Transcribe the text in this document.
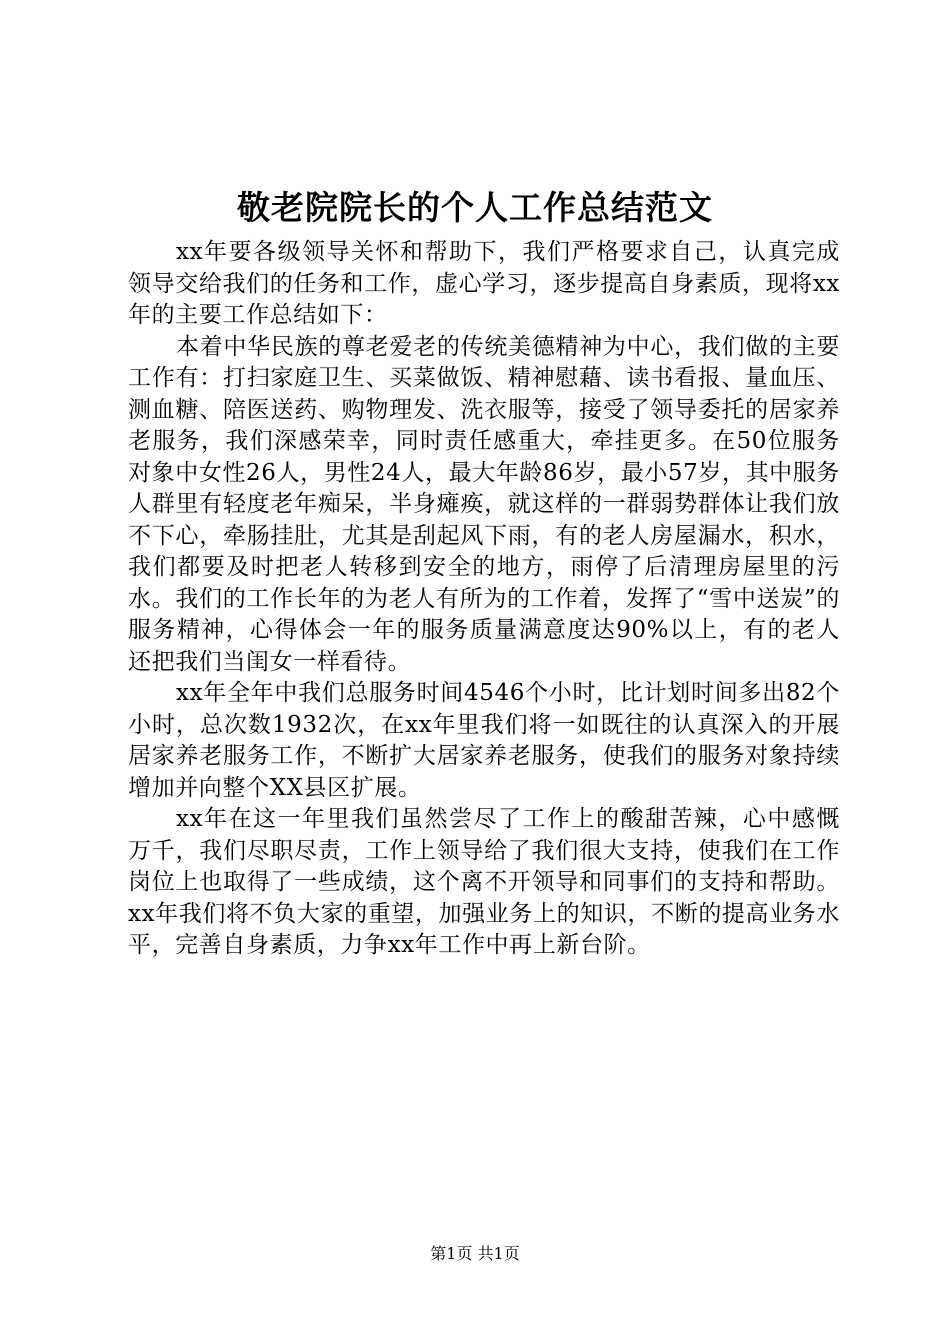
敬老院院长的个人工作总结范文

xx年要各级领导关怀和帮助下，我们严格要求自己，认真完成领导交给我们的任务和工作，虚心学习，逐步提高自身素质，现将xx年的主要工作总结如下：

本着中华民族的尊老爱老的传统美德精神为中心，我们做的主要工作有：打扫家庭卫生、买菜做饭、精神慰藉、读书看报、量血压、测血糖、陪医送药、购物理发、洗衣服等，接受了领导委托的居家养老服务，我们深感荣幸，同时责任感重大，牵挂更多。在50位服务对象中女性26人，男性24人，最大年龄86岁，最小57岁，其中服务人群里有轻度老年痴呆，半身瘫痪，就这样的一群弱势群体让我们放不下心，牵肠挂肚，尤其是刮起风下雨，有的老人房屋漏水，积水，我们都要及时把老人转移到安全的地方，雨停了后清理房屋里的污水。我们的工作长年的为老人有所为的工作着，发挥了“雪中送炭”的服务精神，心得体会一年的服务质量满意度达90%以上，有的老人还把我们当闺女一样看待。

xx年全年中我们总服务时间4546个小时，比计划时间多出82个小时，总次数1932次，在xx年里我们将一如既往的认真深入的开展居家养老服务工作，不断扩大居家养老服务，使我们的服务对象持续增加并向整个XX县区扩展。

xx年在这一年里我们虽然尝尽了工作上的酸甜苦辣，心中感慨万千，我们尽职尽责，工作上领导给了我们很大支持，使我们在工作岗位上也取得了一些成绩，这个离不开领导和同事们的支持和帮助。xx年我们将不负大家的重望，加强业务上的知识，不断的提高业务水平，完善自身素质，力争xx年工作中再上新台阶。

第1页 共1页
